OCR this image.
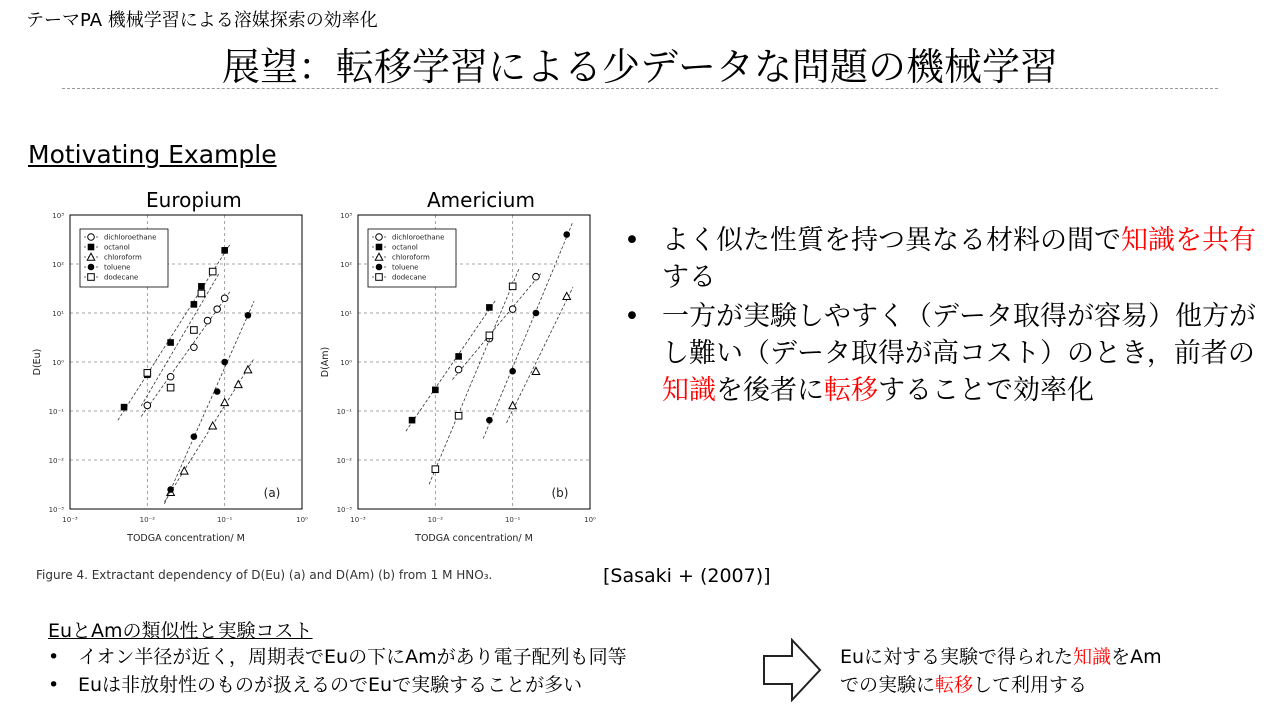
テーマPA 機械学習による溶媒探索の効率化
展望：転移学習による少データな問題の機械学習
Motivating Example
Europium	Americium
10⁻³	10⁻²	10⁻¹	10⁰
10⁻³
10⁻²
10⁻¹
10⁰
10¹
10²
10³
TODGA concentration/ M
D(Eu)
(a)
dichloroethane
octanol
chloroform
toluene
dodecane
10⁻³	10⁻²	10⁻¹	10⁰
10⁻³
10⁻²
10⁻¹
10⁰
10¹
10²
10³
TODGA concentration/ M
D(Am)
(b)
dichloroethane
octanol
chloroform
toluene
dodecane
• よく似た性質を持つ異なる材料の間で知識を共有する
• 一方が実験しやすく（データ取得が容易）他方がし難い（データ取得が高コスト）のとき，前者の知識を後者に転移することで効率化
Figure 4. Extractant dependency of D(Eu) (a) and D(Am) (b) from 1 M HNO₃.	[Sasaki + (2007)]
EuとAmの類似性と実験コスト
• イオン半径が近く，周期表でEuの下にAmがあり電子配列も同等
• Euは非放射性のものが扱えるのでEuで実験することが多い
Euに対する実験で得られた知識をAm
での実験に転移して利用する
